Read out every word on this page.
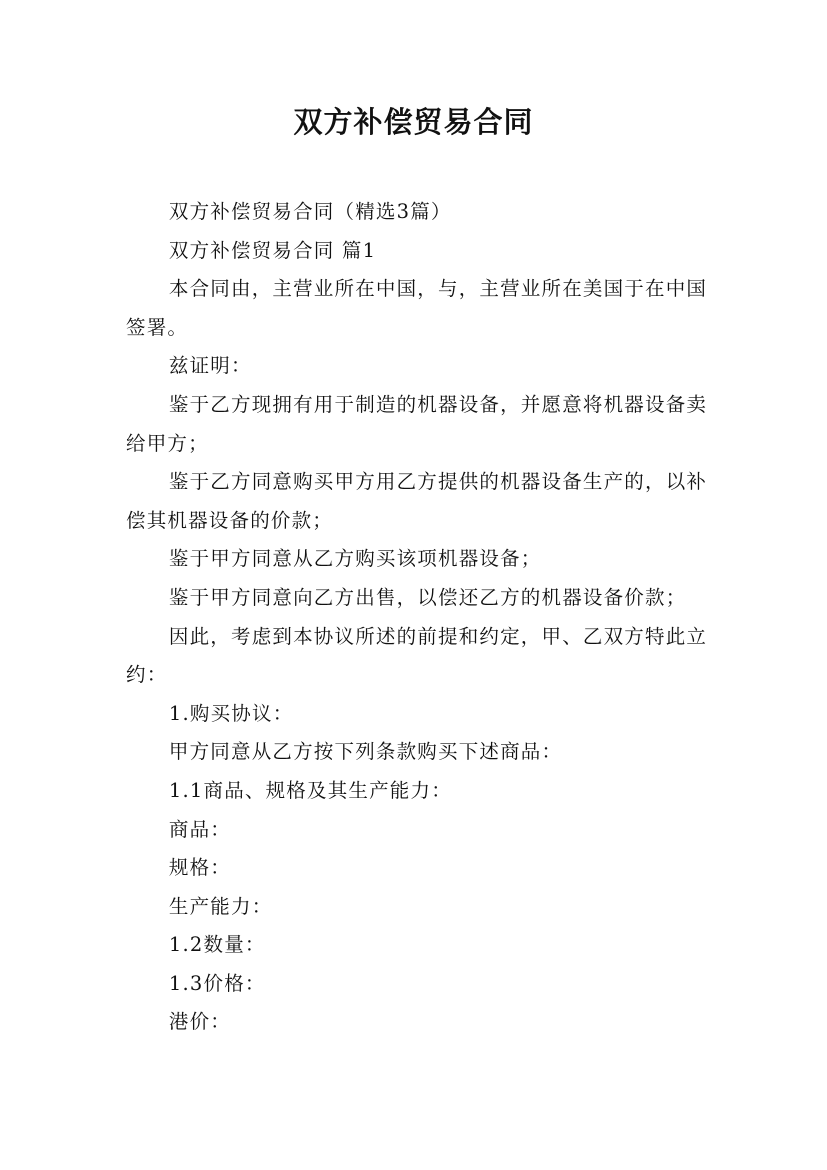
双方补偿贸易合同

双方补偿贸易合同（精选3篇）

双方补偿贸易合同 篇1

本合同由，主营业所在中国，与，主营业所在美国于在中国签署。

兹证明：

鉴于乙方现拥有用于制造的机器设备，并愿意将机器设备卖给甲方；

鉴于乙方同意购买甲方用乙方提供的机器设备生产的，以补偿其机器设备的价款；

鉴于甲方同意从乙方购买该项机器设备；

鉴于甲方同意向乙方出售，以偿还乙方的机器设备价款；

因此，考虑到本协议所述的前提和约定，甲、乙双方特此立约：

1.购买协议：

甲方同意从乙方按下列条款购买下述商品：

1.1商品、规格及其生产能力：

商品：

规格：

生产能力：

1.2数量：

1.3价格：

港价：
